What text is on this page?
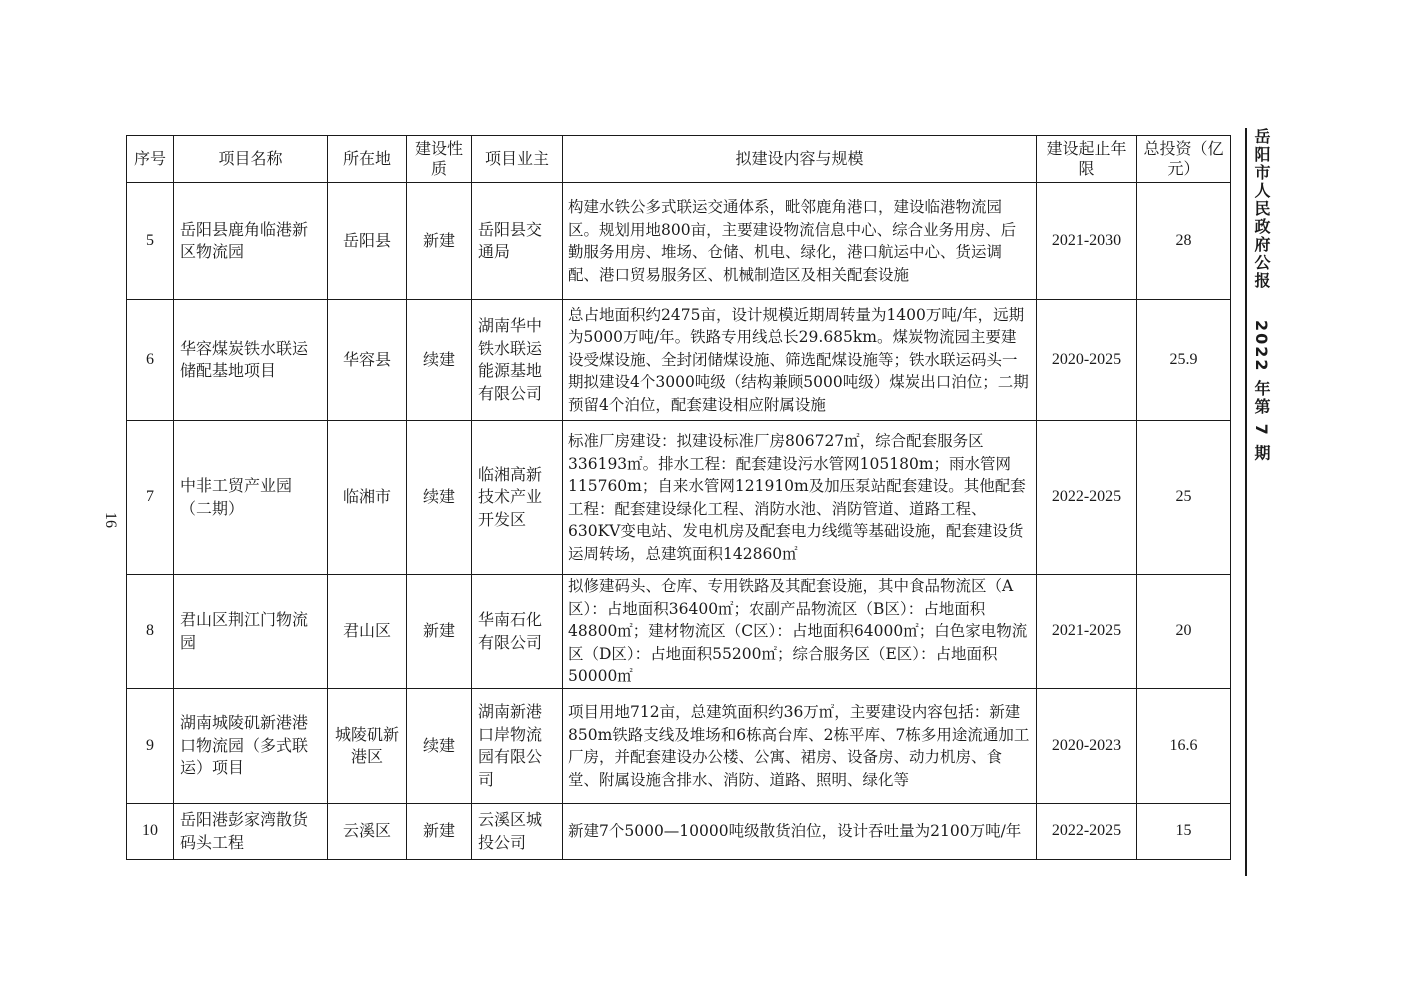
16
序号	项目名称	所在地	建设性质	项目业主	拟建设内容与规模	建设起止年限	总投资（亿元）
5	岳阳县鹿角临港新区物流园	岳阳县	新建	岳阳县交通局	构建水铁公多式联运交通体系，毗邻鹿角港口，建设临港物流园区。规划用地800亩，主要建设物流信息中心、综合业务用房、后勤服务用房、堆场、仓储、机电、绿化，港口航运中心、货运调配、港口贸易服务区、机械制造区及相关配套设施	2021-2030	28
6	华容煤炭铁水联运储配基地项目	华容县	续建	湖南华中铁水联运能源基地有限公司	总占地面积约2475亩，设计规模近期周转量为1400万吨/年，远期为5000万吨/年。铁路专用线总长29.685km。煤炭物流园主要建设受煤设施、全封闭储煤设施、筛选配煤设施等；铁水联运码头一期拟建设4个3000吨级（结构兼顾5000吨级）煤炭出口泊位；二期预留4个泊位，配套建设相应附属设施	2020-2025	25.9
7	中非工贸产业园（二期）	临湘市	续建	临湘高新技术产业开发区	标准厂房建设：拟建设标准厂房806727㎡，综合配套服务区336193㎡。排水工程：配套建设污水管网105180m；雨水管网115760m；自来水管网121910m及加压泵站配套建设。其他配套工程：配套建设绿化工程、消防水池、消防管道、道路工程、630KV变电站、发电机房及配套电力线缆等基础设施，配套建设货运周转场，总建筑面积142860㎡	2022-2025	25
8	君山区荆江门物流园	君山区	新建	华南石化有限公司	拟修建码头、仓库、专用铁路及其配套设施，其中食品物流区（A区）：占地面积36400㎡；农副产品物流区（B区）：占地面积48800㎡；建材物流区（C区）：占地面积64000㎡；白色家电物流区（D区）：占地面积55200㎡；综合服务区（E区）：占地面积50000㎡	2021-2025	20
9	湖南城陵矶新港港口物流园（多式联运）项目	城陵矶新港区	续建	湖南新港口岸物流园有限公司	项目用地712亩，总建筑面积约36万㎡，主要建设内容包括：新建850m铁路支线及堆场和6栋高台库、2栋平库、7栋多用途流通加工厂房，并配套建设办公楼、公寓、裙房、设备房、动力机房、食堂、附属设施含排水、消防、道路、照明、绿化等	2020-2023	16.6
10	岳阳港彭家湾散货码头工程	云溪区	新建	云溪区城投公司	新建7个5000—10000吨级散货泊位，设计吞吐量为2100万吨/年	2022-2025	15
岳阳市人民政府公报 2022 年第 7 期
